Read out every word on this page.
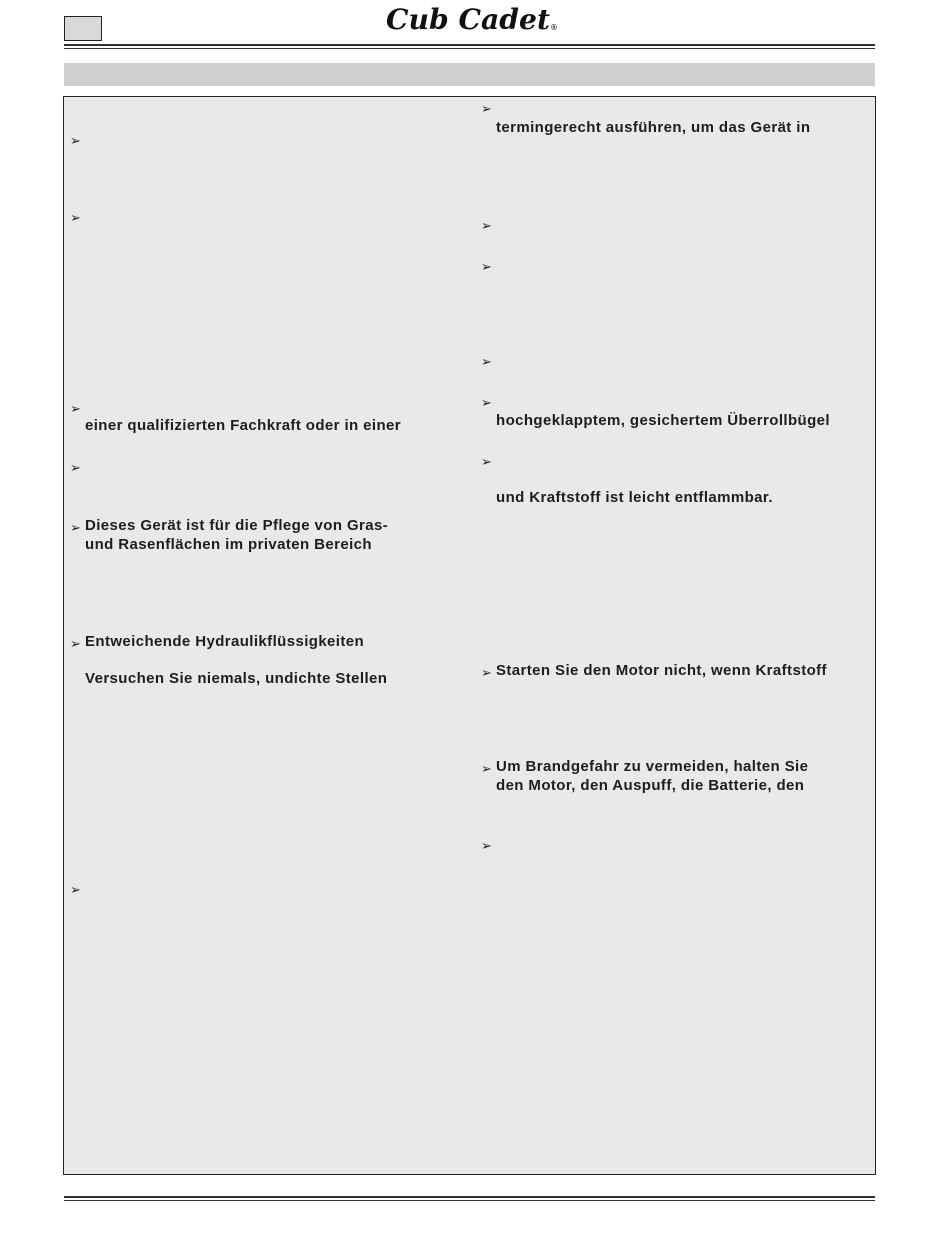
Cub Cadet ®
➢
➢
➢
einer qualifizierten Fachkraft oder in einer
➢
➢ Dieses Gerät ist für die Pflege von Gras-
und Rasenflächen im privaten Bereich
➢ Entweichende Hydraulikflüssigkeiten
Versuchen Sie niemals, undichte Stellen
➢
➢
termingerecht ausführen, um das Gerät in
➢
➢
➢
➢
hochgeklapptem, gesichertem Überrollbügel
➢
und Kraftstoff ist leicht entflammbar.
➢ Starten Sie den Motor nicht, wenn Kraftstoff
➢ Um Brandgefahr zu vermeiden, halten Sie
den Motor, den Auspuff, die Batterie, den
➢
